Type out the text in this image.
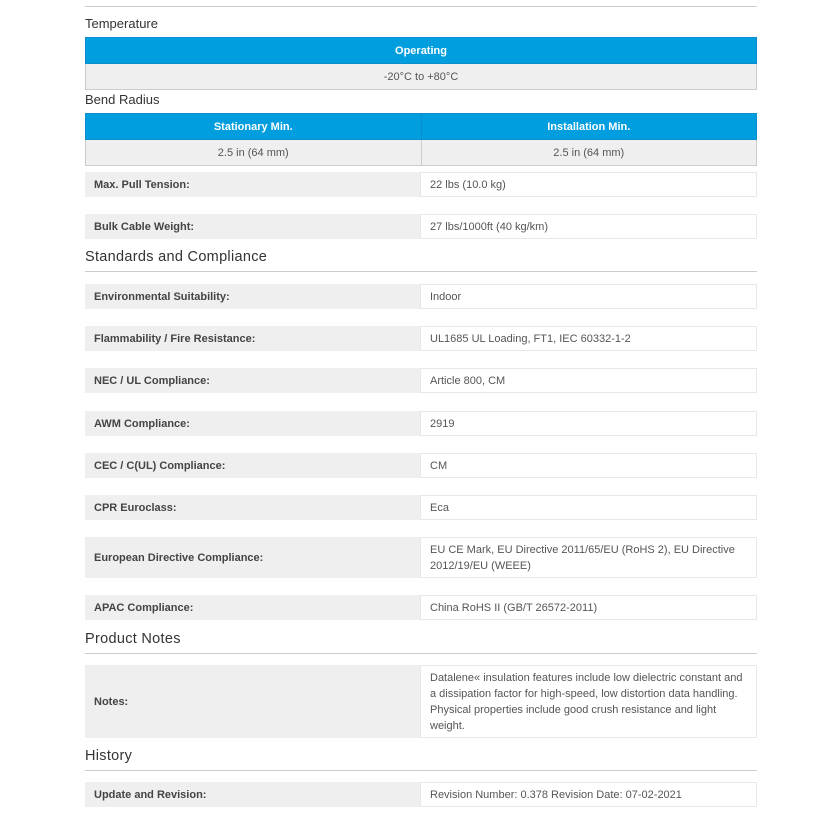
Temperature
Operating
-20°C to +80°C
Bend Radius
Stationary Min.	Installation Min.
2.5 in (64 mm)	2.5 in (64 mm)
Max. Pull Tension:	22 lbs (10.0 kg)
Bulk Cable Weight:	27 lbs/1000ft (40 kg/km)
Standards and Compliance
Environmental Suitability:	Indoor
Flammability / Fire Resistance:	UL1685 UL Loading, FT1, IEC 60332-1-2
NEC / UL Compliance:	Article 800, CM
AWM Compliance:	2919
CEC / C(UL) Compliance:	CM
CPR Euroclass:	Eca
European Directive Compliance:
EU CE Mark, EU Directive 2011/65/EU (RoHS 2), EU Directive 2012/19/EU (WEEE)
APAC Compliance:	China RoHS II (GB/T 26572-2011)
Product Notes
Notes:
Datalene« insulation features include low dielectric constant and a dissipation factor for high-speed, low distortion data handling. Physical properties include good crush resistance and light weight.
History
Update and Revision:	Revision Number: 0.378 Revision Date: 07-02-2021
